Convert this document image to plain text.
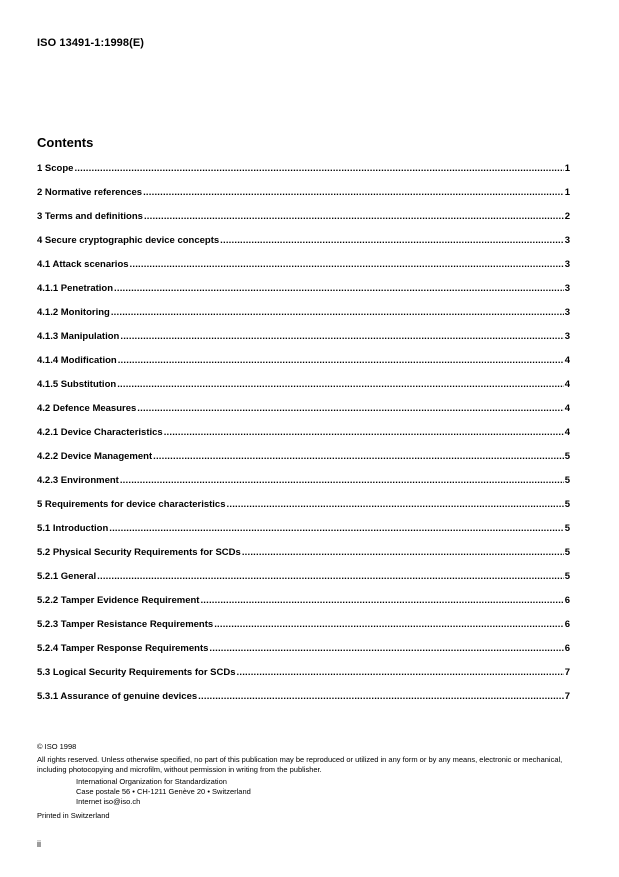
ISO 13491-1:1998(E)
Contents
1 Scope .....	1
2 Normative references .....	1
3 Terms and definitions .....	2
4 Secure cryptographic device concepts .....	3
4.1 Attack scenarios .....	3
4.1.1 Penetration .....	3
4.1.2 Monitoring .....	3
4.1.3 Manipulation .....	3
4.1.4 Modification .....	4
4.1.5 Substitution .....	4
4.2 Defence Measures .....	4
4.2.1 Device Characteristics .....	4
4.2.2 Device Management .....	5
4.2.3 Environment .....	5
5 Requirements for device characteristics .....	5
5.1 Introduction .....	5
5.2 Physical Security Requirements for SCDs .....	5
5.2.1 General .....	5
5.2.2 Tamper Evidence Requirement .....	6
5.2.3 Tamper Resistance Requirements .....	6
5.2.4 Tamper Response Requirements .....	6
5.3 Logical Security Requirements for SCDs .....	7
5.3.1 Assurance of genuine devices .....	7

© ISO 1998

All rights reserved. Unless otherwise specified, no part of this publication may be reproduced or utilized in any form or by any means, electronic or mechanical, including photocopying and microfilm, without permission in writing from the publisher.

International Organization for Standardization

Case postale 56 • CH-1211 Genève 20 • Switzerland

Internet iso@iso.ch

Printed in Switzerland

ii
